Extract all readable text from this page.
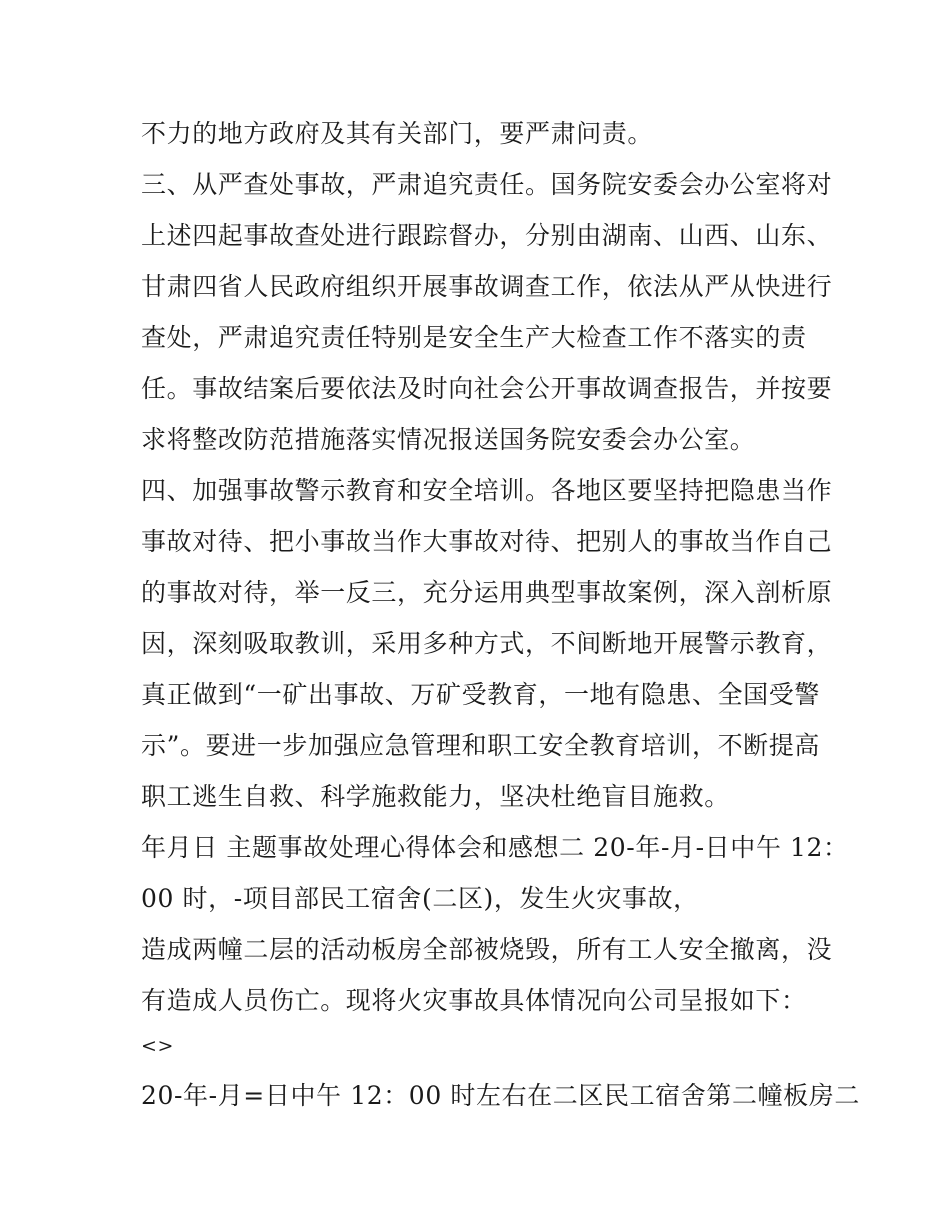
不力的地方政府及其有关部门，要严肃问责。
三、从严查处事故，严肃追究责任。国务院安委会办公室将对
上述四起事故查处进行跟踪督办，分别由湖南、山西、山东、
甘肃四省人民政府组织开展事故调查工作，依法从严从快进行
查处，严肃追究责任特别是安全生产大检查工作不落实的责
任。事故结案后要依法及时向社会公开事故调查报告，并按要
求将整改防范措施落实情况报送国务院安委会办公室。
四、加强事故警示教育和安全培训。各地区要坚持把隐患当作
事故对待、把小事故当作大事故对待、把别人的事故当作自己
的事故对待，举一反三，充分运用典型事故案例，深入剖析原
因，深刻吸取教训，采用多种方式，不间断地开展警示教育，
真正做到“一矿出事故、万矿受教育，一地有隐患、全国受警
示”。要进一步加强应急管理和职工安全教育培训，不断提高
职工逃生自救、科学施救能力，坚决杜绝盲目施救。
年月日 主题事故处理心得体会和感想二 20-年-月-日中午 12：
00 时，-项目部民工宿舍(二区)，发生火灾事故，
造成两幢二层的活动板房全部被烧毁，所有工人安全撤离，没
有造成人员伤亡。现将火灾事故具体情况向公司呈报如下：
<>
20-年-月=日中午 12：00 时左右在二区民工宿舍第二幢板房二
